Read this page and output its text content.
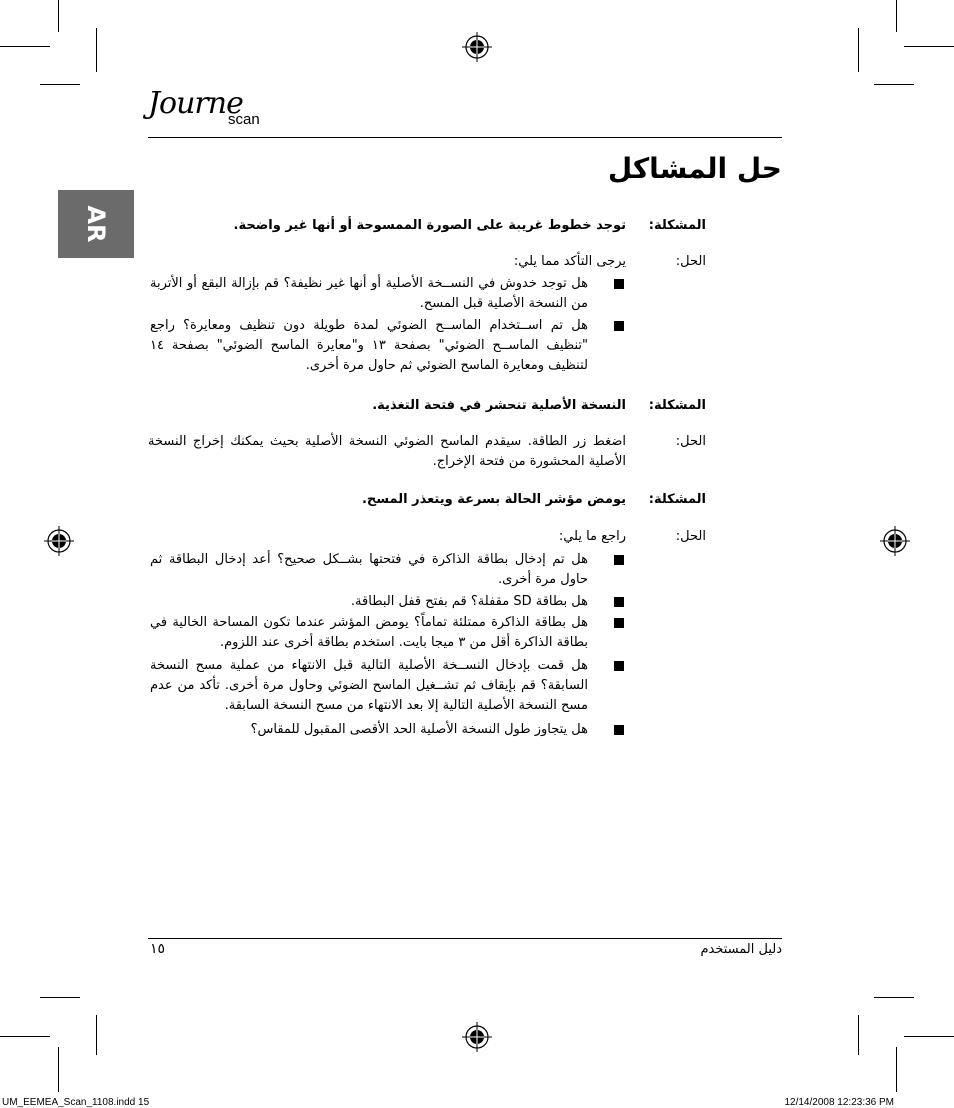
Journe
scan
حل المشاكل
AR	المشكلة:
توجد خطوط غريبة على الصورة الممسوحة أو أنها غير واضحة.
الحل:
يرجى التأكد مما يلي:
هل توجد خدوش في النســخة الأصلية أو أنها غير نظيفة؟ قم بإزالة البقع أو الأتربة من النسخة الأصلية قبل المسح.
هل تم اســتخدام الماســح الضوئي لمدة طويلة دون تنظيف ومعايرة؟ راجع "تنظيف الماســح الضوئي" بصفحة ١٣ و"معايرة الماسح الضوئي" بصفحة ١٤ لتنظيف ومعايرة الماسح الضوئي ثم حاول مرة أخرى.
المشكلة:
النسخة الأصلية تنحشر في فتحة التغذية.
الحل:
اضغط زر الطاقة. سيقدم الماسح الضوئي النسخة الأصلية بحيث يمكنك إخراج النسخة الأصلية المحشورة من فتحة الإخراج.
المشكلة:
يومض مؤشر الحالة بسرعة ويتعذر المسح.
الحل:
راجع ما يلي:
هل تم إدخال بطاقة الذاكرة في فتحتها بشــكل صحيح؟ أعد إدخال البطاقة ثم حاول مرة أخرى.
هل بطاقة SD مقفلة؟ قم بفتح قفل البطاقة.
هل بطاقة الذاكرة ممتلئة تماماً؟ يومض المؤشر عندما تكون المساحة الخالية في بطاقة الذاكرة أقل من ٣ ميجا بايت. استخدم بطاقة أخرى عند اللزوم.
هل قمت بإدخال النســخة الأصلية التالية قبل الانتهاء من عملية مسح النسخة السابقة؟ قم بإيقاف ثم تشــغيل الماسح الضوئي وحاول مرة أخرى. تأكد من عدم مسح النسخة الأصلية التالية إلا بعد الانتهاء من مسح النسخة السابقة.
هل يتجاوز طول النسخة الأصلية الحد الأقصى المقبول للمقاس؟
١٥	دليل المستخدم
UM_EEMEA_Scan_1108.indd 15	12/14/2008 12:23:36 PM
